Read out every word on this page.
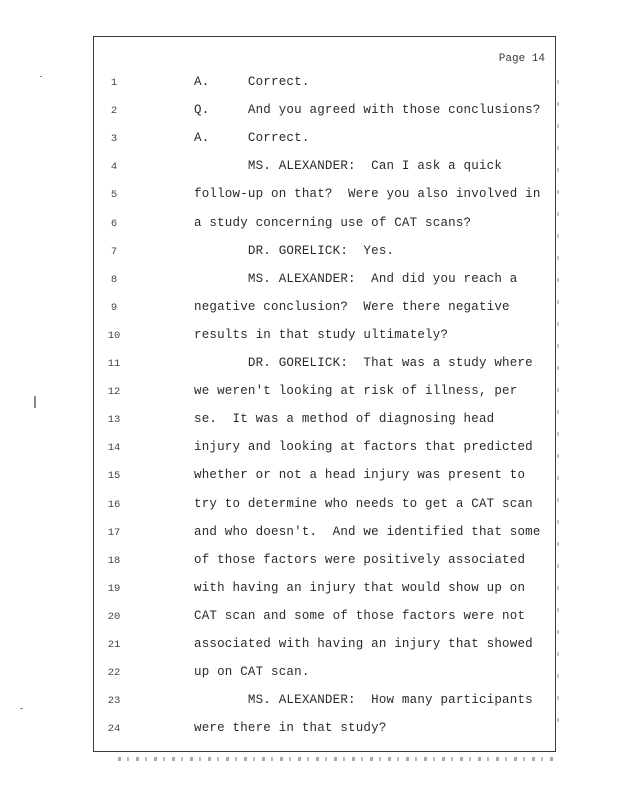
Page 14
1	A.     Correct.
2	Q.     And you agreed with those conclusions?
3	A.     Correct.
4	MS. ALEXANDER:  Can I ask a quick
5	follow-up on that?  Were you also involved in
6	a study concerning use of CAT scans?
7	DR. GORELICK:  Yes.
8	MS. ALEXANDER:  And did you reach a
9	negative conclusion?  Were there negative
10	results in that study ultimately?
11	DR. GORELICK:  That was a study where
12	we weren't looking at risk of illness, per
13	se.  It was a method of diagnosing head
14	injury and looking at factors that predicted
15	whether or not a head injury was present to
16	try to determine who needs to get a CAT scan
17	and who doesn't.  And we identified that some
18	of those factors were positively associated
19	with having an injury that would show up on
20	CAT scan and some of those factors were not
21	associated with having an injury that showed
22	up on CAT scan.
23	MS. ALEXANDER:  How many participants
24	were there in that study?
